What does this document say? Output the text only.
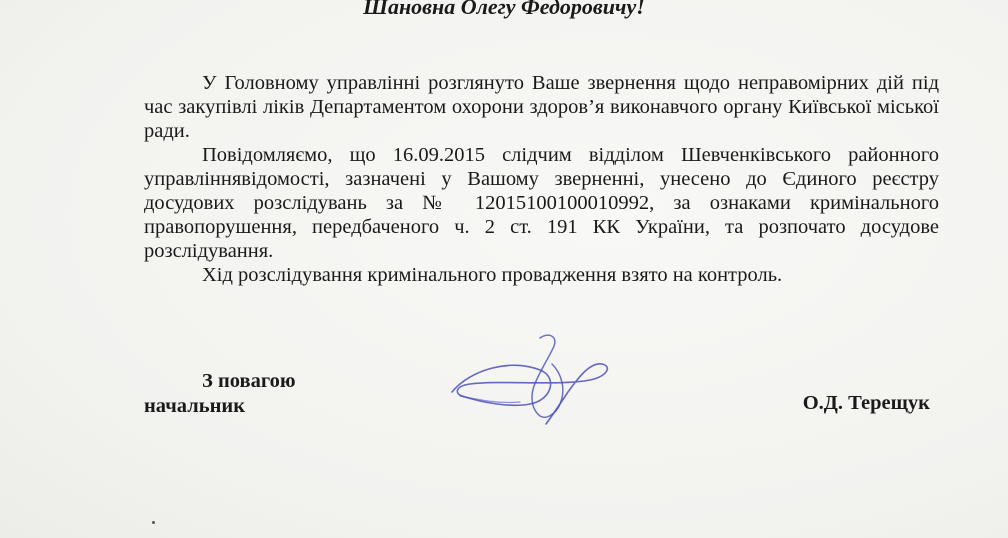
Шановна Олегу Федоровичу!

У Головному управлінні розглянуто Ваше звернення щодо неправомірних дій під час закупівлі ліків Департаментом охорони здоров’я виконавчого органу Київської міської ради.

Повідомляємо, що 16.09.2015 слідчим відділом Шевченківського районного управліннявідомості, зазначені у Вашому зверненні, унесено до Єдиного реєстру досудових розслідувань за № 12015100100010992, за ознаками кримінального правопорушення, передбаченого ч. 2 ст. 191 КК України, та розпочато досудове розслідування.

Хід розслідування кримінального провадження взято на контроль.

З повагою
начальник	О.Д. Терещук
